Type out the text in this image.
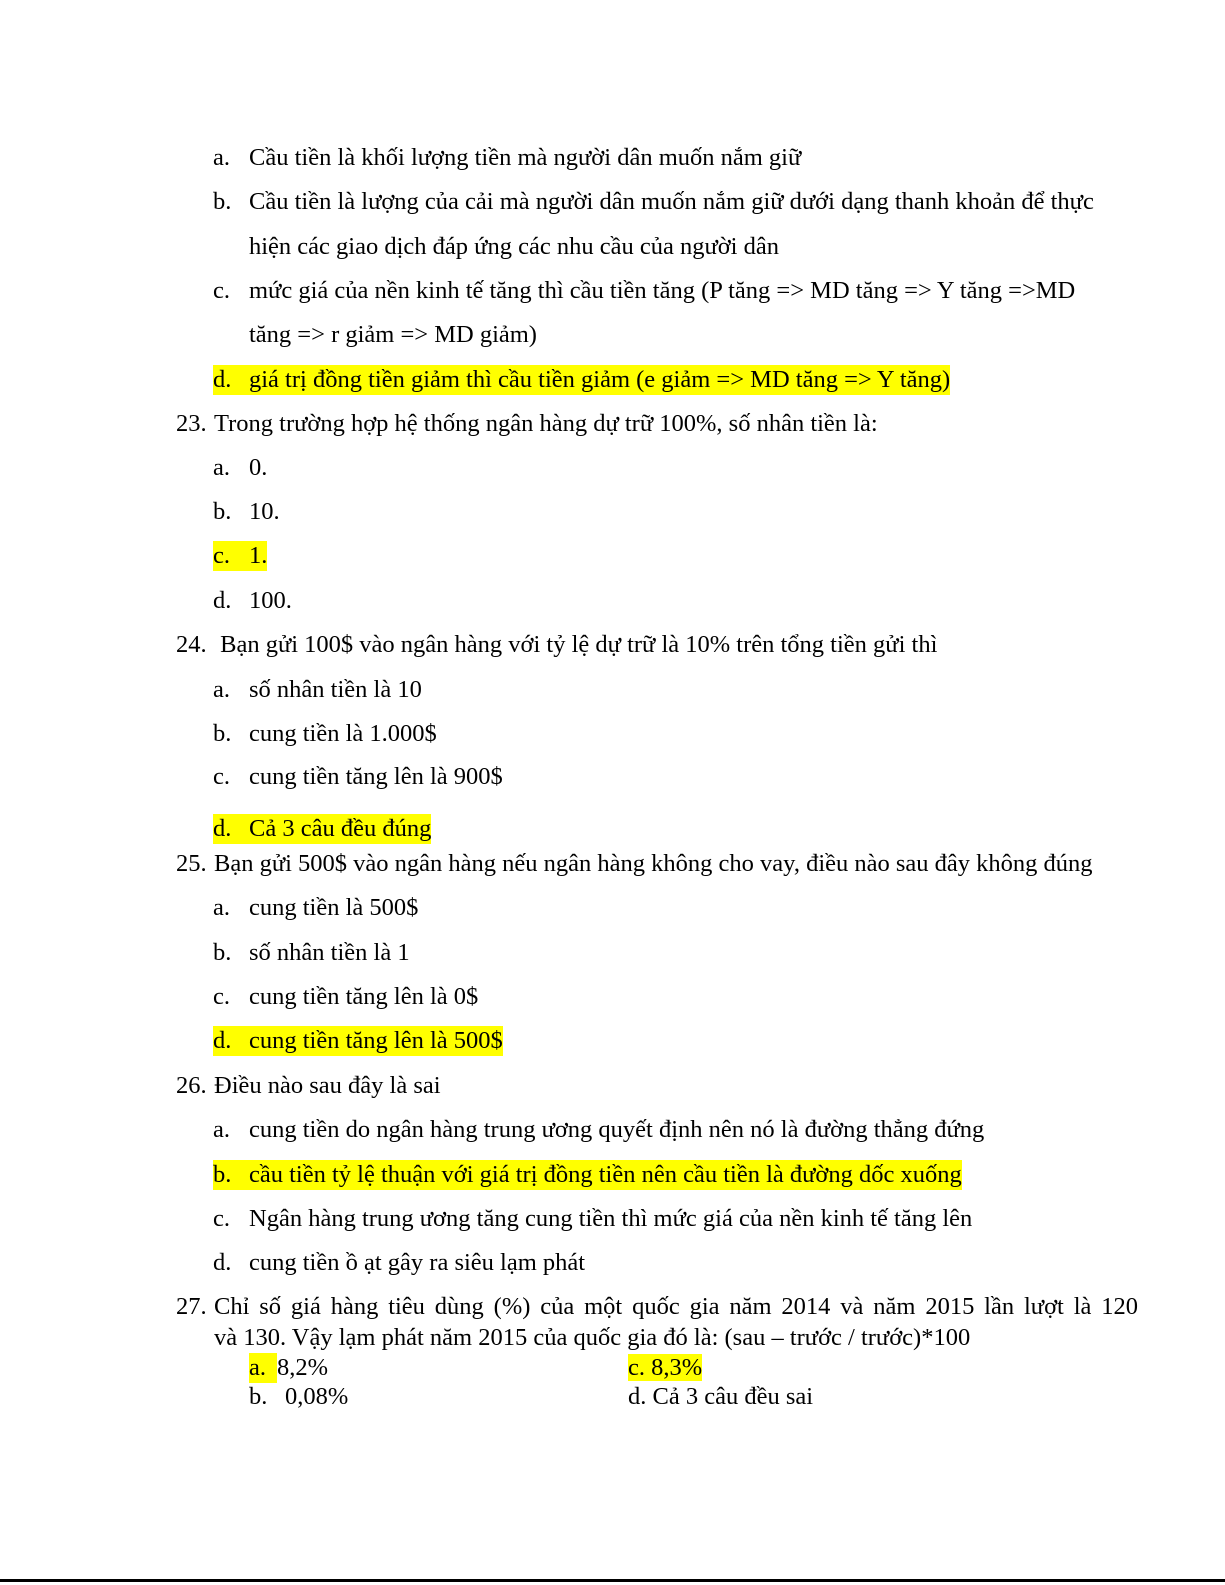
a. Cầu tiền là khối lượng tiền mà người dân muốn nắm giữ
b. Cầu tiền là lượng của cải mà người dân muốn nắm giữ dưới dạng thanh khoản để thực
hiện các giao dịch đáp ứng các nhu cầu của người dân
c. mức giá của nền kinh tế tăng thì cầu tiền tăng (P tăng => MD tăng => Y tăng =>MD
tăng => r giảm => MD giảm)
d. giá trị đồng tiền giảm thì cầu tiền giảm (e giảm => MD tăng => Y tăng)
23. Trong trường hợp hệ thống ngân hàng dự trữ 100%, số nhân tiền là:
a. 0.
b. 10.
c. 1.
d. 100.
24. Bạn gửi 100$ vào ngân hàng với tỷ lệ dự trữ là 10% trên tổng tiền gửi thì
a. số nhân tiền là 10
b. cung tiền là 1.000$
c. cung tiền tăng lên là 900$
d. Cả 3 câu đều đúng
25. Bạn gửi 500$ vào ngân hàng nếu ngân hàng không cho vay, điều nào sau đây không đúng
a. cung tiền là 500$
b. số nhân tiền là 1
c. cung tiền tăng lên là 0$
d. cung tiền tăng lên là 500$
26. Điều nào sau đây là sai
a. cung tiền do ngân hàng trung ương quyết định nên nó là đường thẳng đứng
b. cầu tiền tỷ lệ thuận với giá trị đồng tiền nên cầu tiền là đường dốc xuống
c. Ngân hàng trung ương tăng cung tiền thì mức giá của nền kinh tế tăng lên
d. cung tiền ồ ạt gây ra siêu lạm phát
27. Chỉ số giá hàng tiêu dùng (%) của một quốc gia năm 2014 và năm 2015 lần lượt là 120
và 130. Vậy lạm phát năm 2015 của quốc gia đó là: (sau – trước / trước)*100
a. 8,2%	c. 8,3%
b. 0,08%	d. Cả 3 câu đều sai
